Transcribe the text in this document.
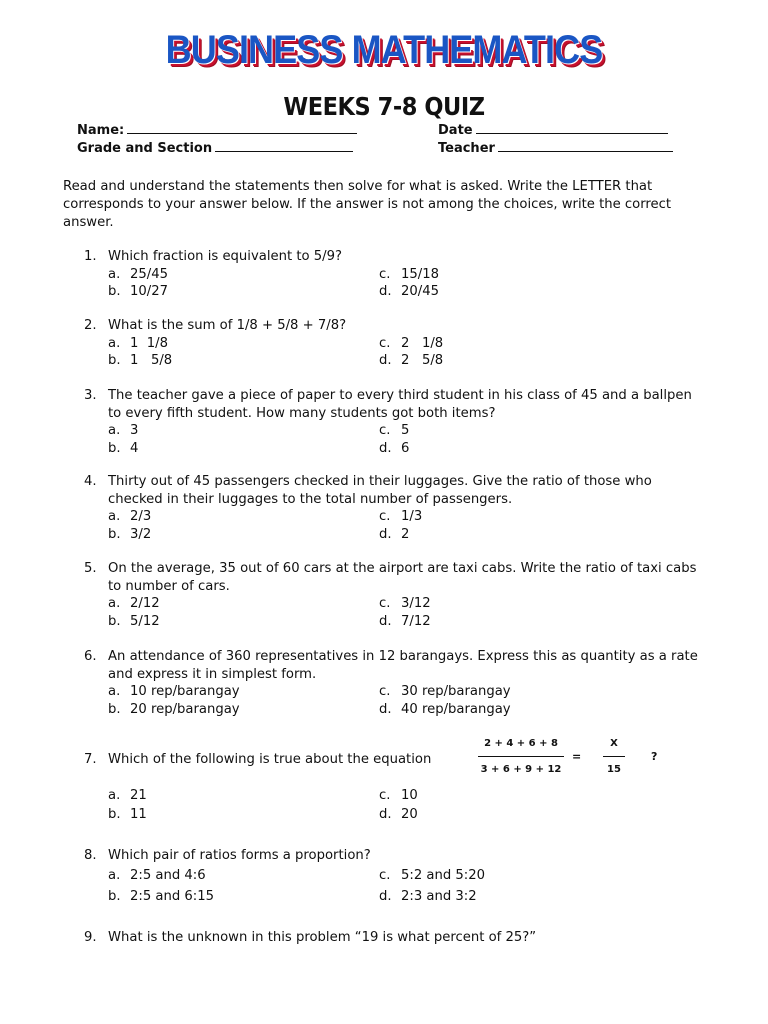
BUSINESS MATHEMATICS
WEEKS 7-8 QUIZ
Name:	Date
Grade and Section	Teacher
Read and understand the statements then solve for what is asked. Write the LETTER that corresponds to your answer below. If the answer is not among the choices, write the correct answer.
1. Which fraction is equivalent to 5/9?
a. 25/45	c. 15/18
b. 10/27	d. 20/45
2. What is the sum of 1/8 + 5/8 + 7/8?
a. 1  1/8	c. 2   1/8
b. 1   5/8	d. 2   5/8
3. The teacher gave a piece of paper to every third student in his class of 45 and a ballpen to every fifth student. How many students got both items?
a. 3	c. 5
b. 4	d. 6
4. Thirty out of 45 passengers checked in their luggages. Give the ratio of those who checked in their luggages to the total number of passengers.
a. 2/3	c. 1/3
b. 3/2	d. 2
5. On the average, 35 out of 60 cars at the airport are taxi cabs. Write the ratio of taxi cabs to number of cars.
a. 2/12	c. 3/12
b. 5/12	d. 7/12
6. An attendance of 360 representatives in 12 barangays. Express this as quantity as a rate and express it in simplest form.
a. 10 rep/barangay	c. 30 rep/barangay
b. 20 rep/barangay	d. 40 rep/barangay
7. Which of the following is true about the equation
2 + 4 + 6 + 8
3 + 6 + 9 + 12
=
X
15
?
a. 21	c. 10
b. 11	d. 20
8. Which pair of ratios forms a proportion?
a. 2:5 and 4:6	c. 5:2 and 5:20
b. 2:5 and 6:15	d. 2:3 and 3:2
9. What is the unknown in this problem “19 is what percent of 25?”
